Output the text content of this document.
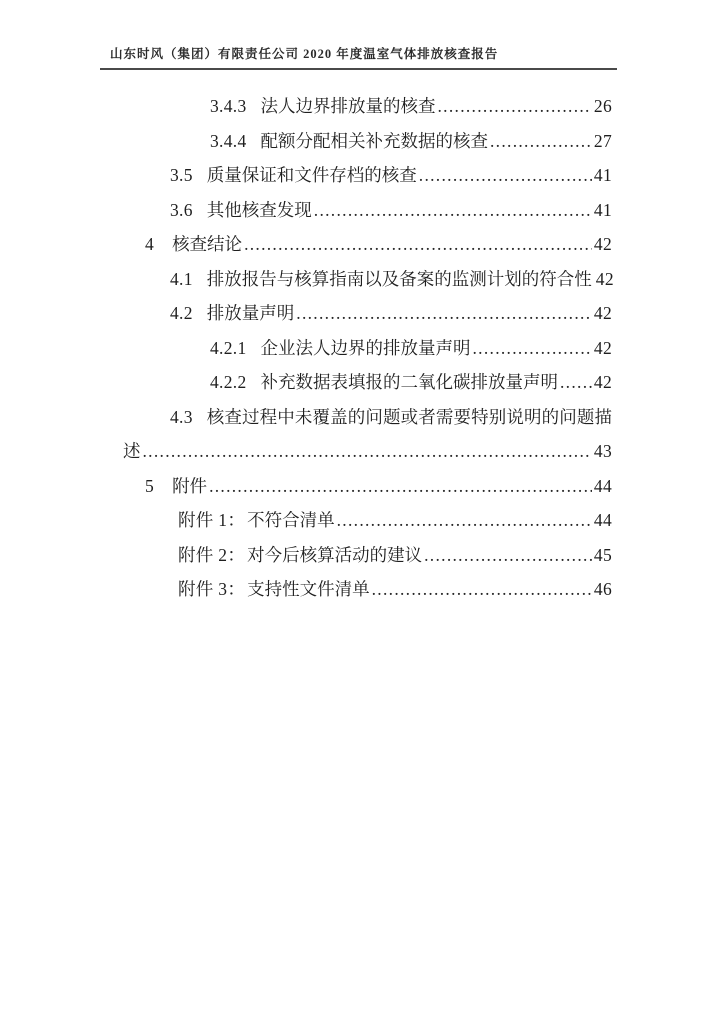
山东时风（集团）有限责任公司 2020 年度温室气体排放核查报告
3.4.3 法人边界排放量的核查 .....	26
3.4.4 配额分配相关补充数据的核查 .....	27
3.5 质量保证和文件存档的核查 .....	41
3.6 其他核查发现 .....	41
4 核查结论 .....	42
4.1 排放报告与核算指南以及备案的监测计划的符合性 42
4.2 排放量声明 .....	42
4.2.1 企业法人边界的排放量声明 .....	42
4.2.2 补充数据表填报的二氧化碳排放量声明 ..... 42
4.3 核查过程中未覆盖的问题或者需要特别说明的问题描
述 .....	43
5 附件 .....	44
附件 1： 不符合清单 .....	44
附件 2： 对今后核算活动的建议 .....	45
附件 3： 支持性文件清单 .....	46
